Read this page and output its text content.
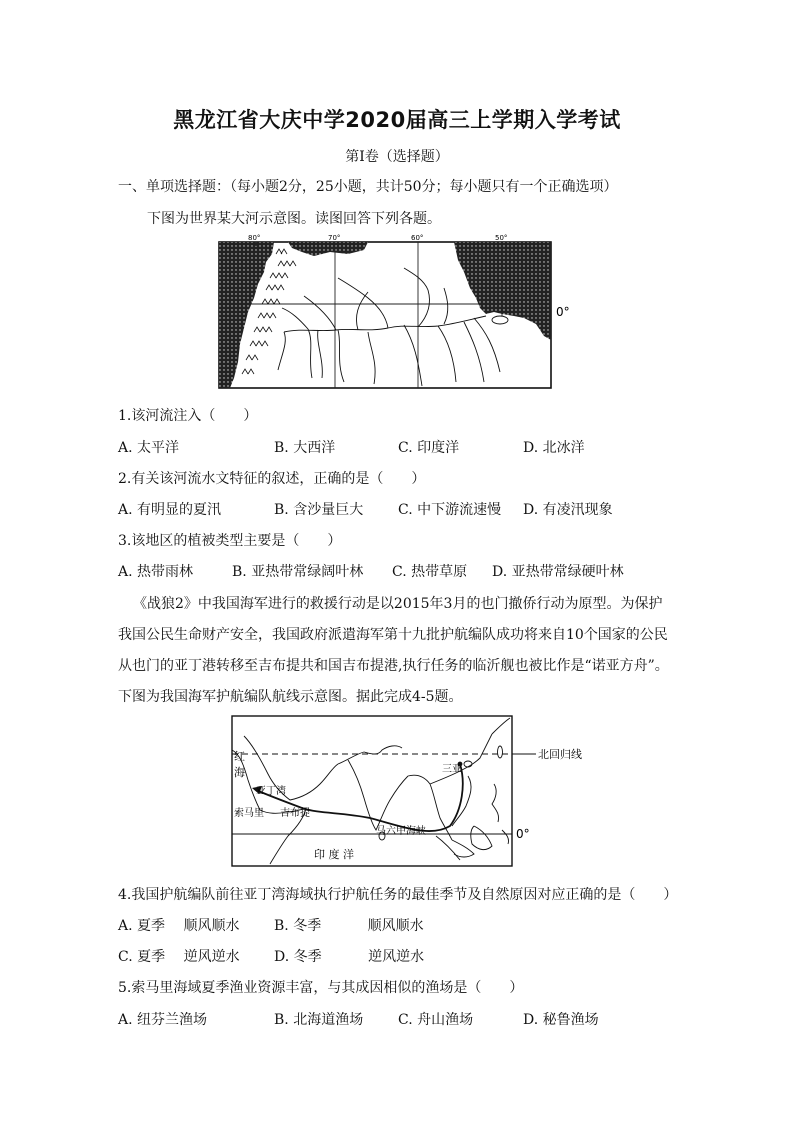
黑龙江省大庆中学2020届高三上学期入学考试
第Ⅰ卷（选择题）
一、单项选择题：（每小题2分，25小题，共计50分；每小题只有一个正确选项）
下图为世界某大河示意图。读图回答下列各题。
80°	70°	60°	50°
0°
1.该河流注入（　　）
A. 太平洋	B. 大西洋	C. 印度洋	D. 北冰洋
2.有关该河流水文特征的叙述，正确的是（　　）
A. 有明显的夏汛	B. 含沙量巨大 C. 中下游流速慢 D. 有凌汛现象
3.该地区的植被类型主要是（　　）
A. 热带雨林	B. 亚热带常绿阔叶林 C. 热带草原 D. 亚热带常绿硬叶林
《战狼2》中我国海军进行的救援行动是以2015年3月的也门撤侨行动为原型。为保护
我国公民生命财产安全，我国政府派遣海军第十九批护航编队成功将来自10个国家的公民
从也门的亚丁港转移至吉布提共和国吉布提港,执行任务的临沂舰也被比作是“诺亚方舟”。
下图为我国海军护航编队航线示意图。据此完成4-5题。
北回归线
0°
红
海
亚丁湾
索马里 吉布提
三亚
马六甲海峡
印 度 洋
4.我国护航编队前往亚丁湾海域执行护航任务的最佳季节及自然原因对应正确的是（　　）
A. 夏季　 顺风顺水 B. 冬季　 　　顺风顺水
C. 夏季　 逆风逆水 D. 冬季　 　　逆风逆水
5.索马里海域夏季渔业资源丰富，与其成因相似的渔场是（　　）
A. 纽芬兰渔场	B. 北海道渔场 C. 舟山渔场	D. 秘鲁渔场
